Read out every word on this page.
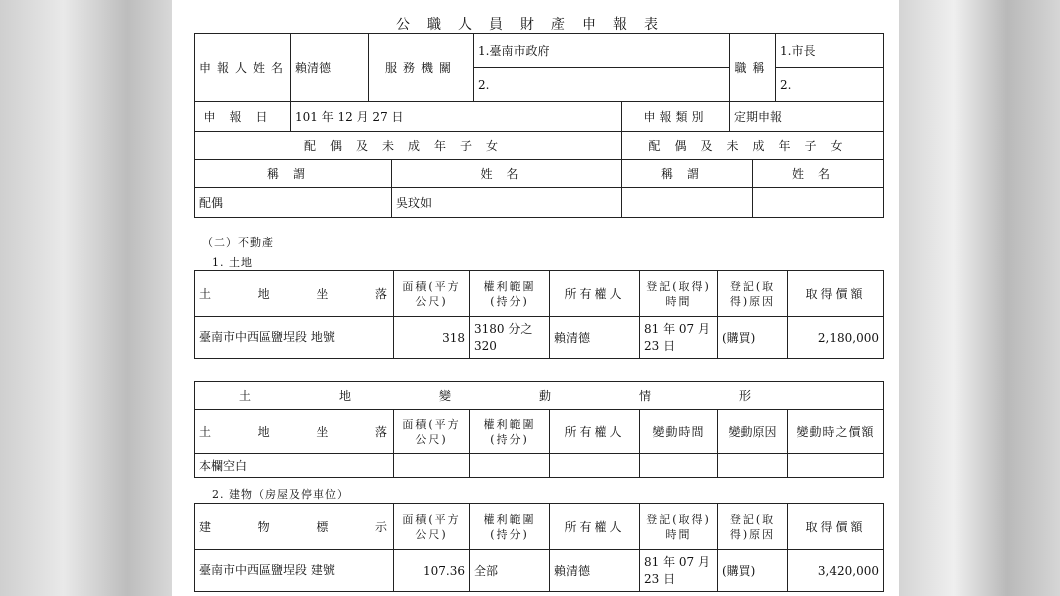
公職人員財產申報表
申報人姓名	賴清德	服務機關		1.臺南市政府		職稱		1.市長
				2.				2.
申報日	101 年 12 月 27 日				申報類別	定期申報		
配偶及未成年子女					配偶及未成年子女			
稱謂			姓名		稱謂		姓名	
配偶			吳玟如					
（二）不動產
1. 土地
土地坐落	面積(平方公尺)	權利範圍(持分)	所有權人	登記(取得)時間	登記(取得)原因	取得價額
臺南市中西區鹽埕段 地號	318	3180 分之 320	賴清德	81 年 07 月 23 日	(購買)	2,180,000
土地變動情形						
土地坐落	面積(平方公尺)	權利範圍(持分)	所有權人	變動時間	變動原因	變動時之價額
本欄空白						
2. 建物（房屋及停車位）
建物標示	面積(平方公尺)	權利範圍(持分)	所有權人	登記(取得)時間	登記(取得)原因	取得價額
臺南市中西區鹽埕段 建號	107.36	全部	賴清德	81 年 07 月 23 日	(購買)	3,420,000
